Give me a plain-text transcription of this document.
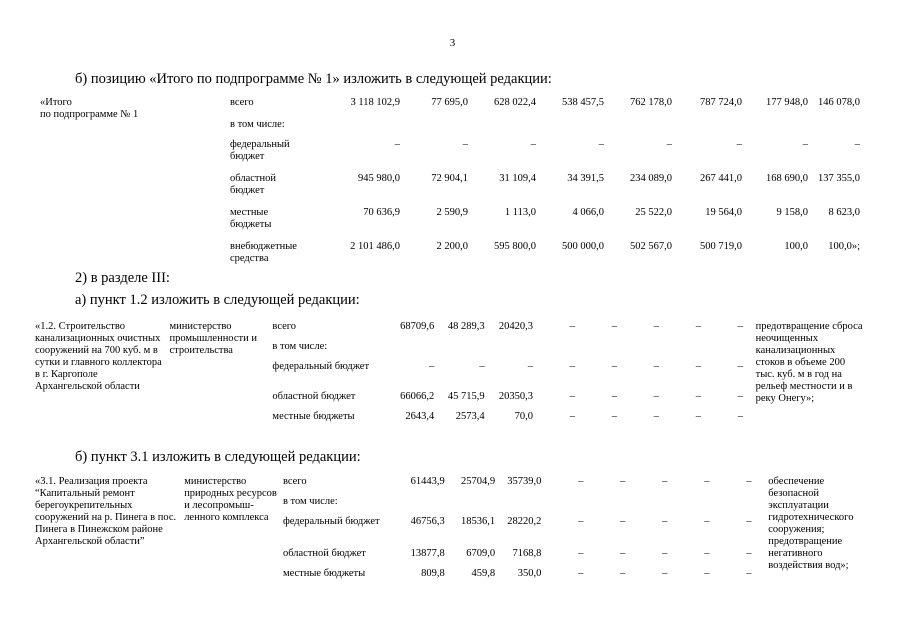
3
б) позицию «Итого по подпрограмме № 1» изложить в следующей редакции:
«Итого
по подпрограмме № 1	всего	3 118 102,9	77 695,0	628 022,4	538 457,5	762 178,0	787 724,0	177 948,0	146 078,0
	в том числе:								
	федеральный бюджет	–	–	–	–	–	–	–	–
	областной бюджет	945 980,0	72 904,1	31 109,4	34 391,5	234 089,0	267 441,0	168 690,0	137 355,0
	местные бюджеты	70 636,9	2 590,9	1 113,0	4 066,0	25 522,0	19 564,0	9 158,0	8 623,0
	внебюджетные средства	2 101 486,0	2 200,0	595 800,0	500 000,0	502 567,0	500 719,0	100,0	100,0»;
2) в разделе III:
а) пункт 1.2 изложить в следующей редакции:
«1.2. Строительство канализационных очистных сооружений на 700 куб. м в сутки и главного коллектора в г. Каргополе Архангельской области	министерство промышленности и строительства	всего	68709,6	48 289,3	20420,3	–	–	–	–	–		предотвращение сброса неочищенных канализационных стоков в объеме 200 тыс. куб. м в год на рельеф местности и в реку Онегу»;
		в том числе:										
		федеральный бюджет	–	–	–	–	–	–	–	–		
		областной бюджет	66066,2	45 715,9	20350,3	–	–	–	–	–		
		местные бюджеты	2643,4	2573,4	70,0	–	–	–	–	–		
б) пункт 3.1 изложить в следующей редакции:
«3.1. Реализация проекта “Капитальный ремонт берегоукрепительных сооружений на р. Пинега в пос. Пинега в Пинежском районе Архангельской области”	министерство природных ресурсов и лесопромыш-ленного комплекса	всего	61443,9	25704,9	35739,0	–	–	–	–	–		обеспечение безопасной эксплуатации гидротехнического сооружения; предотвращение негативного воздействия вод»;
		в том числе:										
		федеральный бюджет	46756,3	18536,1	28220,2	–	–	–	–	–		
		областной бюджет	13877,8	6709,0	7168,8	–	–	–	–	–		
		местные бюджеты	809,8	459,8	350,0	–	–	–	–	–		
